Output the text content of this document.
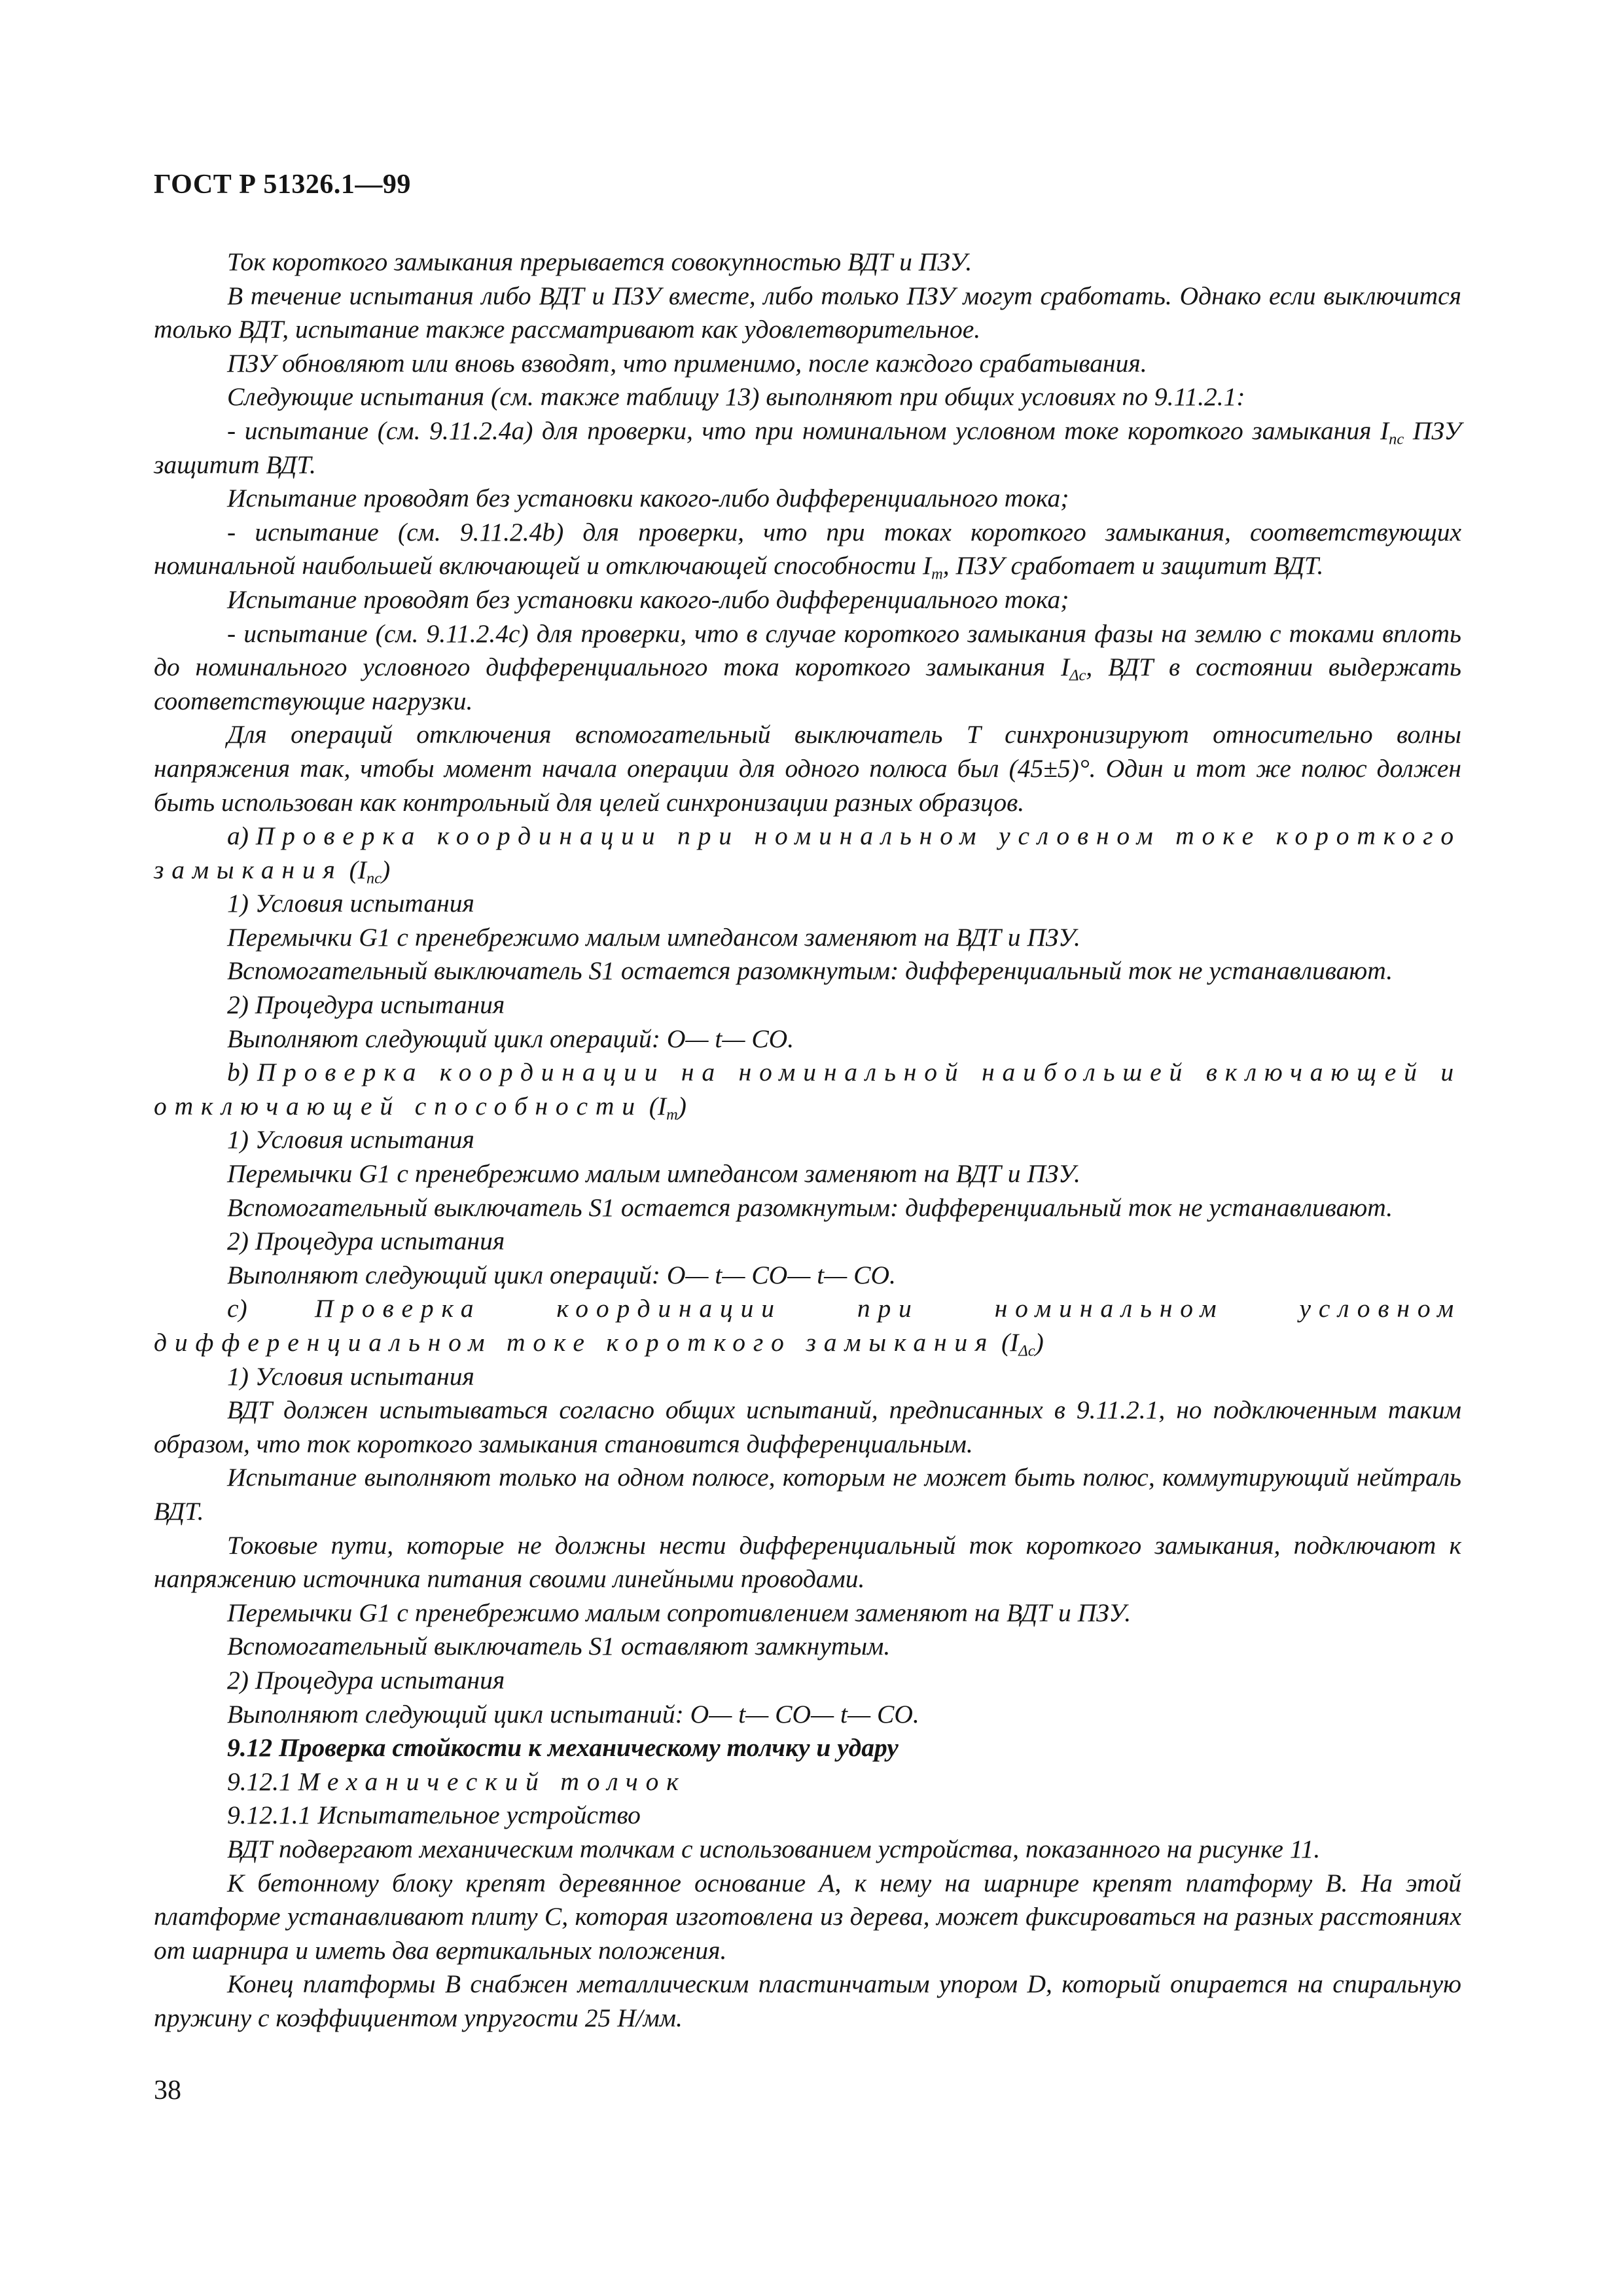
ГОСТ Р 51326.1—99

Ток короткого замыкания прерывается совокупностью ВДТ и ПЗУ.

В течение испытания либо ВДТ и ПЗУ вместе, либо только ПЗУ могут сработать. Однако если выключится только ВДТ, испытание также рассматривают как удовлетворительное.

ПЗУ обновляют или вновь взводят, что применимо, после каждого срабатывания.

Следующие испытания (см. также таблицу 13) выполняют при общих условиях по 9.11.2.1:

- испытание (см. 9.11.2.4а) для проверки, что при номинальном условном токе короткого замыкания $I_{nc}$ ПЗУ защитит ВДТ.

Испытание проводят без установки какого-либо дифференциального тока;

- испытание (см. 9.11.2.4b) для проверки, что при токах короткого замыкания, соответствующих номинальной наибольшей включающей и отключающей способности $I_m$, ПЗУ сработает и защитит ВДТ.

Испытание проводят без установки какого-либо дифференциального тока;

- испытание (см. 9.11.2.4с) для проверки, что в случае короткого замыкания фазы на землю с токами вплоть до номинального условного дифференциального тока короткого замыкания $I_{\Delta c}$, ВДТ в состоянии выдержать соответствующие нагрузки.

Для операций отключения вспомогательный выключатель Т синхронизируют относительно волны напряжения так, чтобы момент начала операции для одного полюса был (45±5)°. Один и тот же полюс должен быть использован как контрольный для целей синхронизации разных образцов.

a) Проверка координации при номинальном условном токе короткого замыкания $(I_{nc})$

1) Условия испытания

Перемычки G1 с пренебрежимо малым импедансом заменяют на ВДТ и ПЗУ.

Вспомогательный выключатель S1 остается разомкнутым: дифференциальный ток не устанавливают.

2) Процедура испытания

Выполняют следующий цикл операций: О— t— СО.

b) Проверка координации на номинальной наибольшей включающей и отключающей способности $(I_m)$

1) Условия испытания

Перемычки G1 с пренебрежимо малым импедансом заменяют на ВДТ и ПЗУ.

Вспомогательный выключатель S1 остается разомкнутым: дифференциальный ток не устанавливают.

2) Процедура испытания

Выполняют следующий цикл операций: О— t— СО— t— СО.

с) Проверка координации при номинальном условном дифференциальном токе короткого замыкания $(I_{\Delta c})$

1) Условия испытания

ВДТ должен испытываться согласно общих испытаний, предписанных в 9.11.2.1, но подключенным таким образом, что ток короткого замыкания становится дифференциальным.

Испытание выполняют только на одном полюсе, которым не может быть полюс, коммутирующий нейтраль ВДТ.

Токовые пути, которые не должны нести дифференциальный ток короткого замыкания, подключают к напряжению источника питания своими линейными проводами.

Перемычки G1 с пренебрежимо малым сопротивлением заменяют на ВДТ и ПЗУ.

Вспомогательный выключатель S1 оставляют замкнутым.

2) Процедура испытания

Выполняют следующий цикл испытаний: О— t— СО— t— СО.

9.12 Проверка стойкости к механическому толчку и удару

9.12.1 Механический толчок

9.12.1.1 Испытательное устройство

ВДТ подвергают механическим толчкам с использованием устройства, показанного на рисунке 11.

К бетонному блоку крепят деревянное основание А, к нему на шарнире крепят платформу В. На этой платформе устанавливают плиту С, которая изготовлена из дерева, может фиксироваться на разных расстояниях от шарнира и иметь два вертикальных положения.

Конец платформы В снабжен металлическим пластинчатым упором D, который опирается на спиральную пружину с коэффициентом упругости 25 Н/мм.

38
